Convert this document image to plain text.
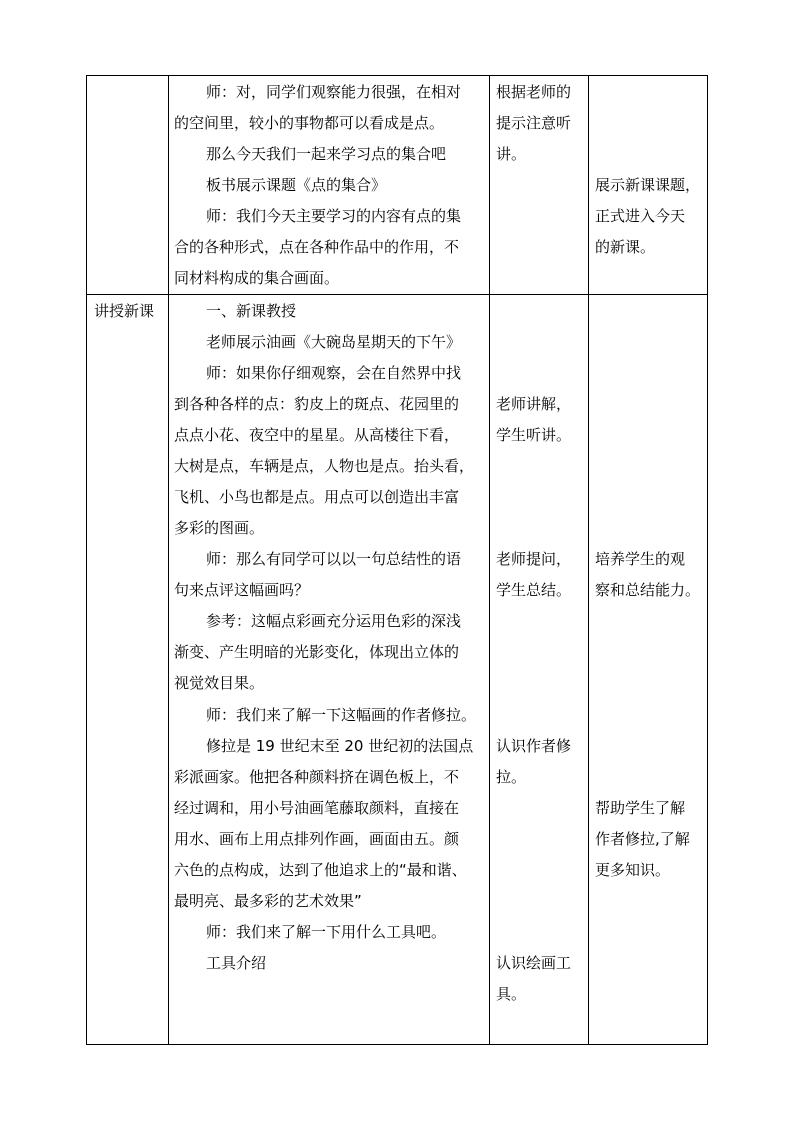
师：对，同学们观察能力很强，在相对
的空间里，较小的事物都可以看成是点。
那么今天我们一起来学习点的集合吧
板书展示课题《点的集合》
师：我们今天主要学习的内容有点的集
合的各种形式，点在各种作品中的作用，不
同材料构成的集合画面。
根据老师的
提示注意听
讲。
展示新课课题，
正式进入今天
的新课。
讲授新课	一、新课教授
老师展示油画《大碗岛星期天的下午》
师：如果你仔细观察，会在自然界中找
到各种各样的点：豹皮上的斑点、花园里的
点点小花、夜空中的星星。从高楼往下看，
大树是点，车辆是点，人物也是点。抬头看，
飞机、小鸟也都是点。用点可以创造出丰富
多彩的图画。
师：那么有同学可以以一句总结性的语
句来点评这幅画吗？
参考：这幅点彩画充分运用色彩的深浅
渐变、产生明暗的光影变化，体现出立体的
视觉效目果。
师：我们来了解一下这幅画的作者修拉。
修拉是 19 世纪末至 20 世纪初的法国点
彩派画家。他把各种颜料挤在调色板上，不
经过调和，用小号油画笔藤取颜料，直接在
用水、画布上用点排列作画，画面由五。颜
六色的点构成，达到了他追求上的“最和谐、
最明亮、最多彩的艺术效果”
师：我们来了解一下用什么工具吧。
工具介绍
老师讲解，
学生听讲。
老师提问，
学生总结。
认识作者修
拉。
认识绘画工
具。
培养学生的观
察和总结能力。
帮助学生了解
作者修拉,了解
更多知识。
